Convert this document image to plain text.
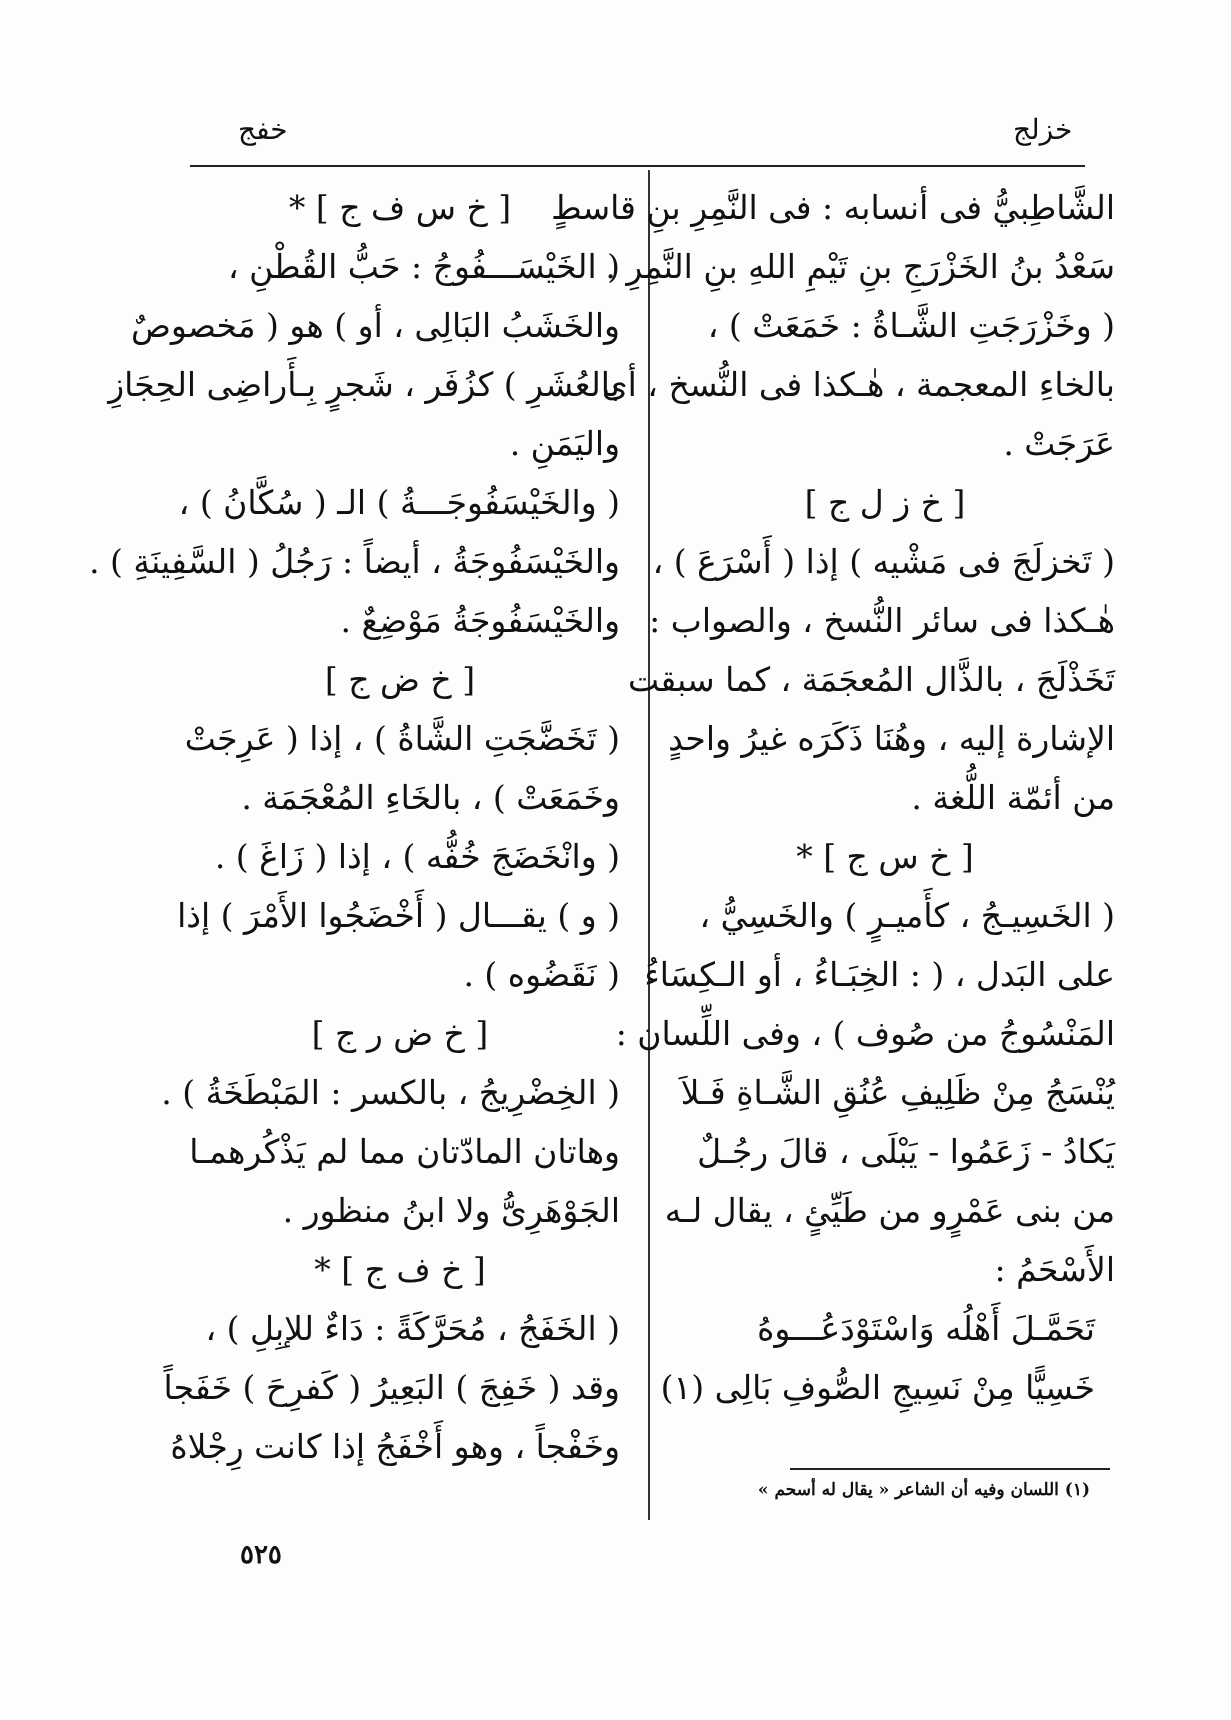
خزلج
خفج
الشَّاطِبيُّ فى أنسابه : فى النَّمِرِ بنِ قاسطٍ
سَعْدُ بنُ الخَزْرَجِ بنِ تَيْمِ اللهِ بنِ النَّمِرِ .
( وخَزْرَجَتِ الشَّـاةُ : خَمَعَتْ ) ،
بالخاءِ المعجمة ، هٰـكذا فى النُّسخ ، أى
عَرَجَتْ .
[ خ ز ل ج ]
( تَخزلَجَ فى مَشْيه ) إذا ( أَسْرَعَ ) ،
هٰـكذا فى سائر النُّسخ ، والصواب :
تَخَذْلَجَ ، بالذَّال المُعجَمَة ، كما سبقت
الإشارة إليه ، وهُنَا ذَكَرَه غيرُ واحدٍ
من أئمّة اللُّغة .
[ خ س ج ] *
( الخَسِيـجُ ، كأَميـرٍ ) والخَسِيُّ ،
على البَدل ، ( : الخِبَـاءُ ، أو الـكِسَاءُ
المَنْسُوجُ من صُوف ) ، وفى اللِّسان :
يُنْسَجُ مِنْ ظَلِيفِ عُنُقِ الشَّـاةِ فَـلاَ
يَكادُ - زَعَمُوا - يَبْلَى ، قالَ رجُـلٌ
من بنى عَمْرٍو من طَيِّئٍ ، يقال لـه
الأَسْحَمُ :
تَحَمَّـلَ أَهْلُه وَاسْتَوْدَعُـــوهُ
خَسِيًّا مِنْ نَسِيجِ الصُّوفِ بَالِى (١)
[ خ س ف ج ] *
( الخَيْسَـــفُوجُ : حَبُّ القُطْنِ ،
والخَشَبُ البَالِى ، أو ) هو ( مَخصوصٌ
بالعُشَرِ ) كزُفَر ، شَجرٍ بِـأَراضِى الحِجَازِ
واليَمَنِ .
( والخَيْسَفُوجَـــةُ ) الـ ( سُكَّانُ ) ،
والخَيْسَفُوجَةُ ، أيضاً : رَجُلُ ( السَّفِينَةِ ) .
والخَيْسَفُوجَةُ مَوْضِعٌ .
[ خ ض ج ]
( تَخَضَّجَتِ الشَّاةُ ) ، إذا ( عَرِجَتْ
وخَمَعَتْ ) ، بالخَاءِ المُعْجَمَة .
( وانْخَضَجَ خُفُّه ) ، إذا ( زَاغَ ) .
( و ) يقـــال ( أَخْضَجُوا الأَمْرَ ) إذا
( نَقَضُوه ) .
[ خ ض ر ج ]
( الخِضْرِيجُ ، بالكسر : المَبْطَخَةُ ) .
وهاتان المادّتان مما لم يَذْكُرهمـا
الجَوْهَرِىُّ ولا ابنُ منظور .
[ خ ف ج ] *
( الخَفَجُ ، مُحَرَّكَةً : دَاءٌ للإبِلِ ) ،
وقد ( خَفِجَ ) البَعِيرُ ( كَفرِحَ ) خَفَجاً
وخَفْجاً ، وهو أَخْفَجُ إذا كانت رِجْلاهُ
(١) اللسان وفيه أن الشاعر « يقال له أسحم »
٥٢٥
